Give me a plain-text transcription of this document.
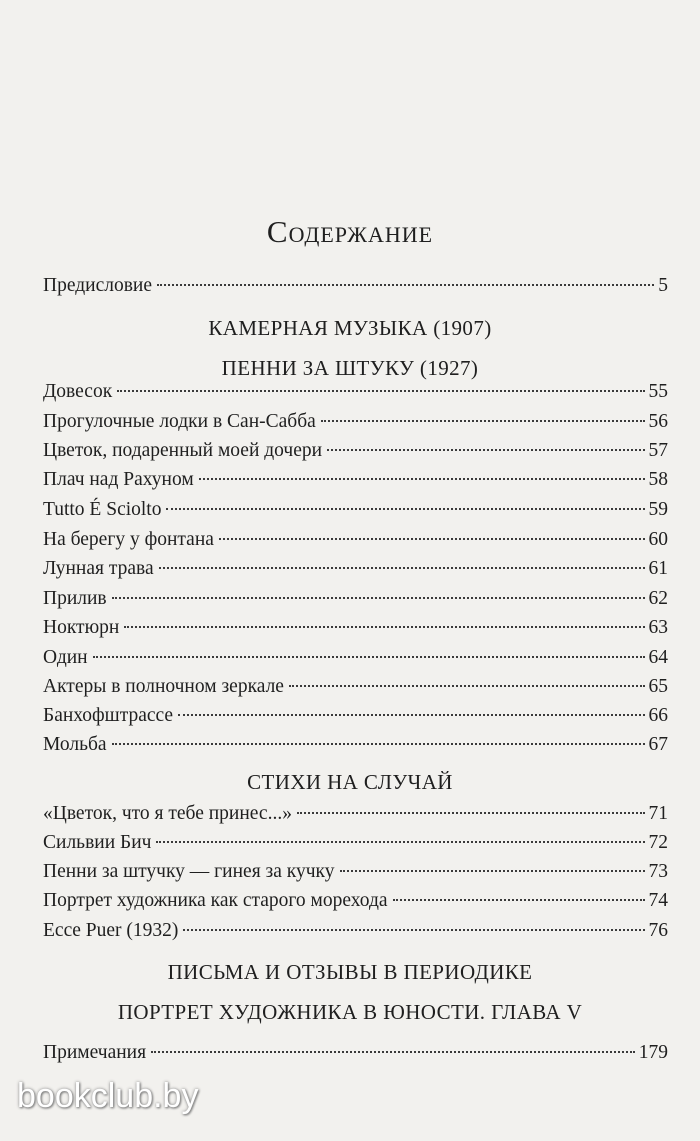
Содержание
Предисловие	5
КАМЕРНАЯ МУЗЫКА (1907)
ПЕННИ ЗА ШТУКУ (1927)
Довесок	55
Прогулочные лодки в Сан-Сабба	56
Цветок, подаренный моей дочери	57
Плач над Рахуном	58
Tutto É Sciolto	59
На берегу у фонтана	60
Лунная трава	61
Прилив	62
Ноктюрн	63
Один	64
Актеры в полночном зеркале	65
Банхофштрассе	66
Мольба	67
СТИХИ НА СЛУЧАЙ
«Цветок, что я тебе принес...»	71
Сильвии Бич	72
Пенни за штучку — гинея за кучку	73
Портрет художника как старого морехода	74
Ecce Puer (1932)	76
ПИСЬМА И ОТЗЫВЫ В ПЕРИОДИКЕ
ПОРТРЕТ ХУДОЖНИКА В ЮНОСТИ. ГЛАВА V
Примечания	179
bookclub.by
